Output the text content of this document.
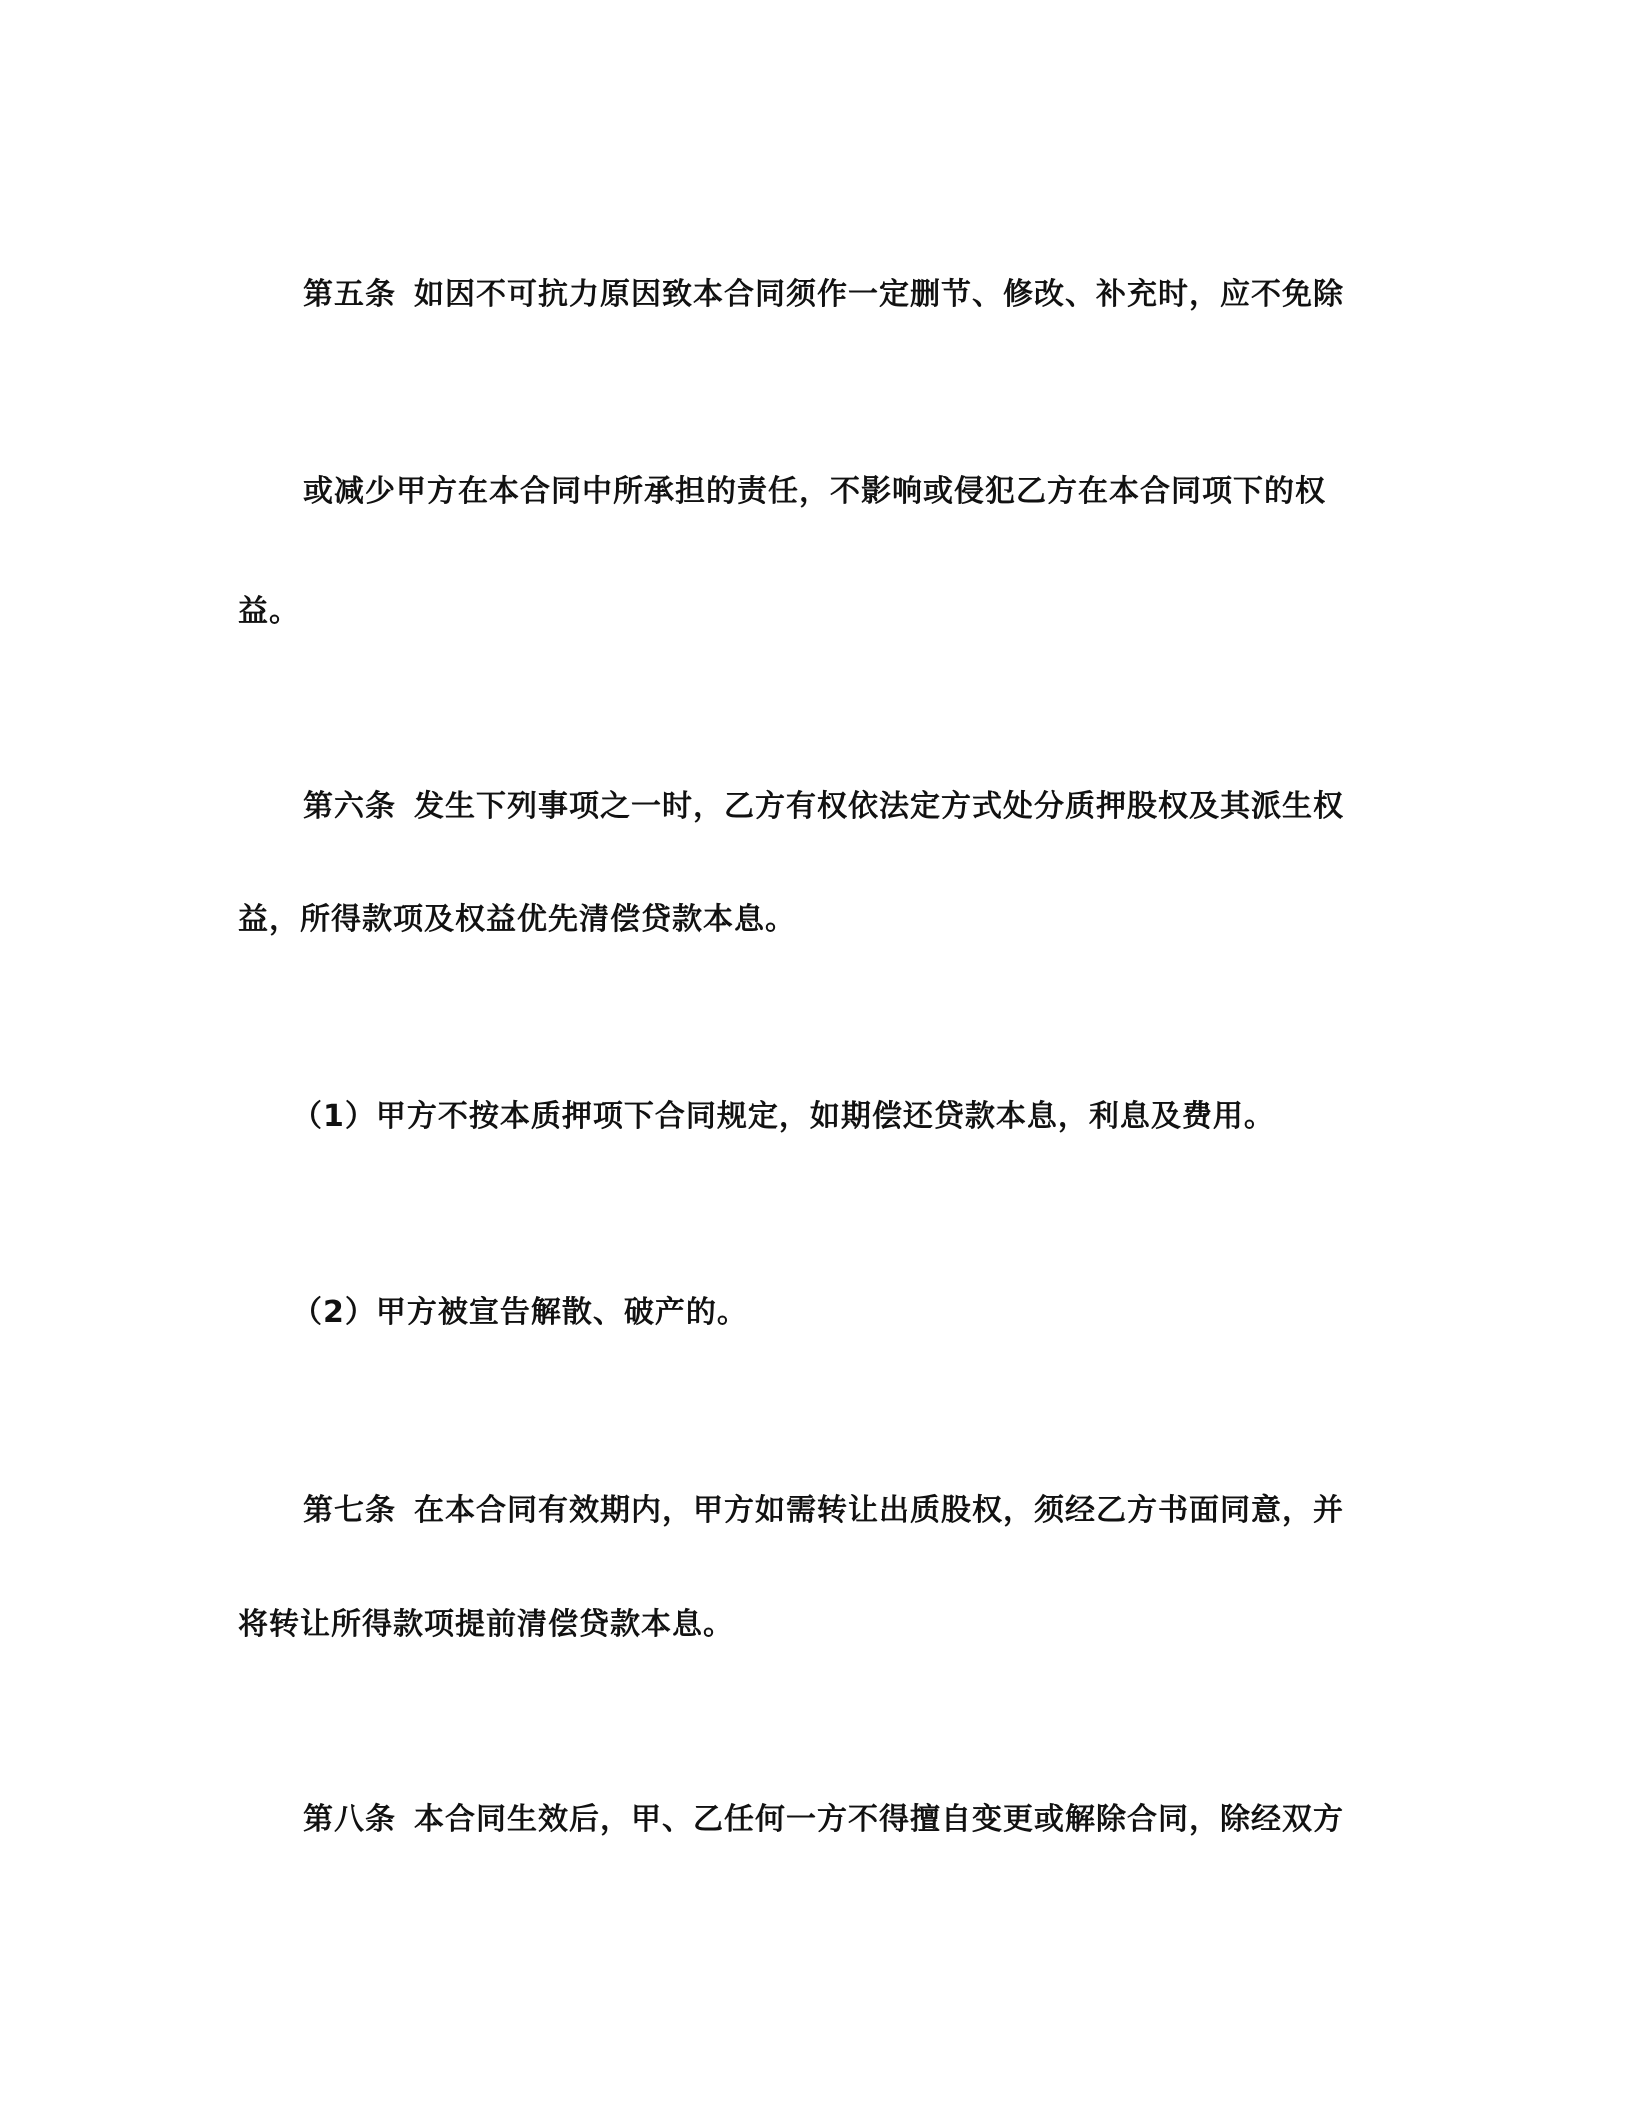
第五条 如因不可抗力原因致本合同须作一定删节、修改、补充时，应不免除
或减少甲方在本合同中所承担的责任，不影响或侵犯乙方在本合同项下的权
益。
第六条 发生下列事项之一时，乙方有权依法定方式处分质押股权及其派生权
益，所得款项及权益优先清偿贷款本息。
（1）甲方不按本质押项下合同规定，如期偿还贷款本息，利息及费用。
（2）甲方被宣告解散、破产的。
第七条 在本合同有效期内，甲方如需转让出质股权，须经乙方书面同意，并
将转让所得款项提前清偿贷款本息。
第八条 本合同生效后，甲、乙任何一方不得擅自变更或解除合同，除经双方
